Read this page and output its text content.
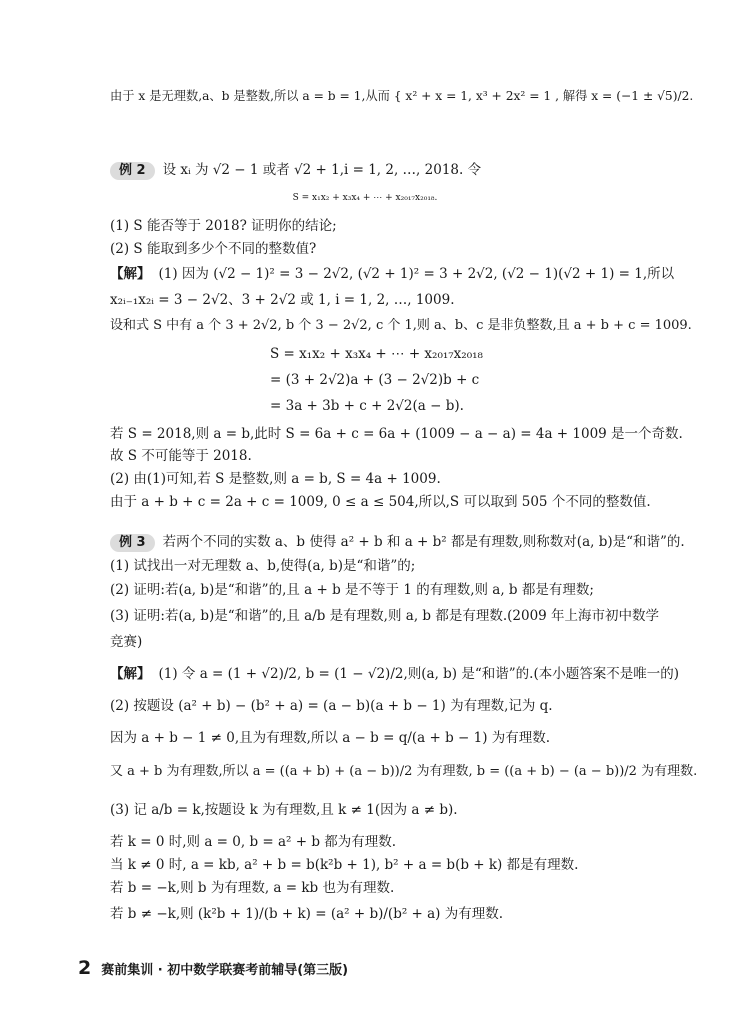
由于 x 是无理数,a、b 是整数,所以 a = b = 1,从而 { x² + x = 1, x³ + 2x² = 1 , 解得 x = (−1 ± √5)/2.
例 2 设 xᵢ 为 √2 − 1 或者 √2 + 1,i = 1, 2, …, 2018. 令
S = x₁x₂ + x₃x₄ + ⋯ + x₂₀₁₇x₂₀₁₈.
(1) S 能否等于 2018? 证明你的结论;
(2) S 能取到多少个不同的整数值?
【解】 (1) 因为 (√2 − 1)² = 3 − 2√2, (√2 + 1)² = 3 + 2√2, (√2 − 1)(√2 + 1) = 1,所以
x₂ᵢ₋₁x₂ᵢ = 3 − 2√2、3 + 2√2 或 1, i = 1, 2, …, 1009.
设和式 S 中有 a 个 3 + 2√2, b 个 3 − 2√2, c 个 1,则 a、b、c 是非负整数,且 a + b + c = 1009.
S = x₁x₂ + x₃x₄ + ⋯ + x₂₀₁₇x₂₀₁₈
= (3 + 2√2)a + (3 − 2√2)b + c
= 3a + 3b + c + 2√2(a − b).
若 S = 2018,则 a = b,此时 S = 6a + c = 6a + (1009 − a − a) = 4a + 1009 是一个奇数.
故 S 不可能等于 2018.
(2) 由(1)可知,若 S 是整数,则 a = b, S = 4a + 1009.
由于 a + b + c = 2a + c = 1009, 0 ≤ a ≤ 504,所以,S 可以取到 505 个不同的整数值.
例 3 若两个不同的实数 a、b 使得 a² + b 和 a + b² 都是有理数,则称数对(a, b)是“和谐”的.
(1) 试找出一对无理数 a、b,使得(a, b)是“和谐”的;
(2) 证明:若(a, b)是“和谐”的,且 a + b 是不等于 1 的有理数,则 a, b 都是有理数;
(3) 证明:若(a, b)是“和谐”的,且 a/b 是有理数,则 a, b 都是有理数.(2009 年上海市初中数学
竞赛)
【解】 (1) 令 a = (1 + √2)/2, b = (1 − √2)/2,则(a, b) 是“和谐”的.(本小题答案不是唯一的)
(2) 按题设 (a² + b) − (b² + a) = (a − b)(a + b − 1) 为有理数,记为 q.
因为 a + b − 1 ≠ 0,且为有理数,所以 a − b = q/(a + b − 1) 为有理数.
又 a + b 为有理数,所以 a = ((a + b) + (a − b))/2 为有理数, b = ((a + b) − (a − b))/2 为有理数.
(3) 记 a/b = k,按题设 k 为有理数,且 k ≠ 1(因为 a ≠ b).
若 k = 0 时,则 a = 0, b = a² + b 都为有理数.
当 k ≠ 0 时, a = kb, a² + b = b(k²b + 1), b² + a = b(b + k) 都是有理数.
若 b = −k,则 b 为有理数, a = kb 也为有理数.
若 b ≠ −k,则 (k²b + 1)/(b + k) = (a² + b)/(b² + a) 为有理数.
2 赛前集训 · 初中数学联赛考前辅导(第三版)
